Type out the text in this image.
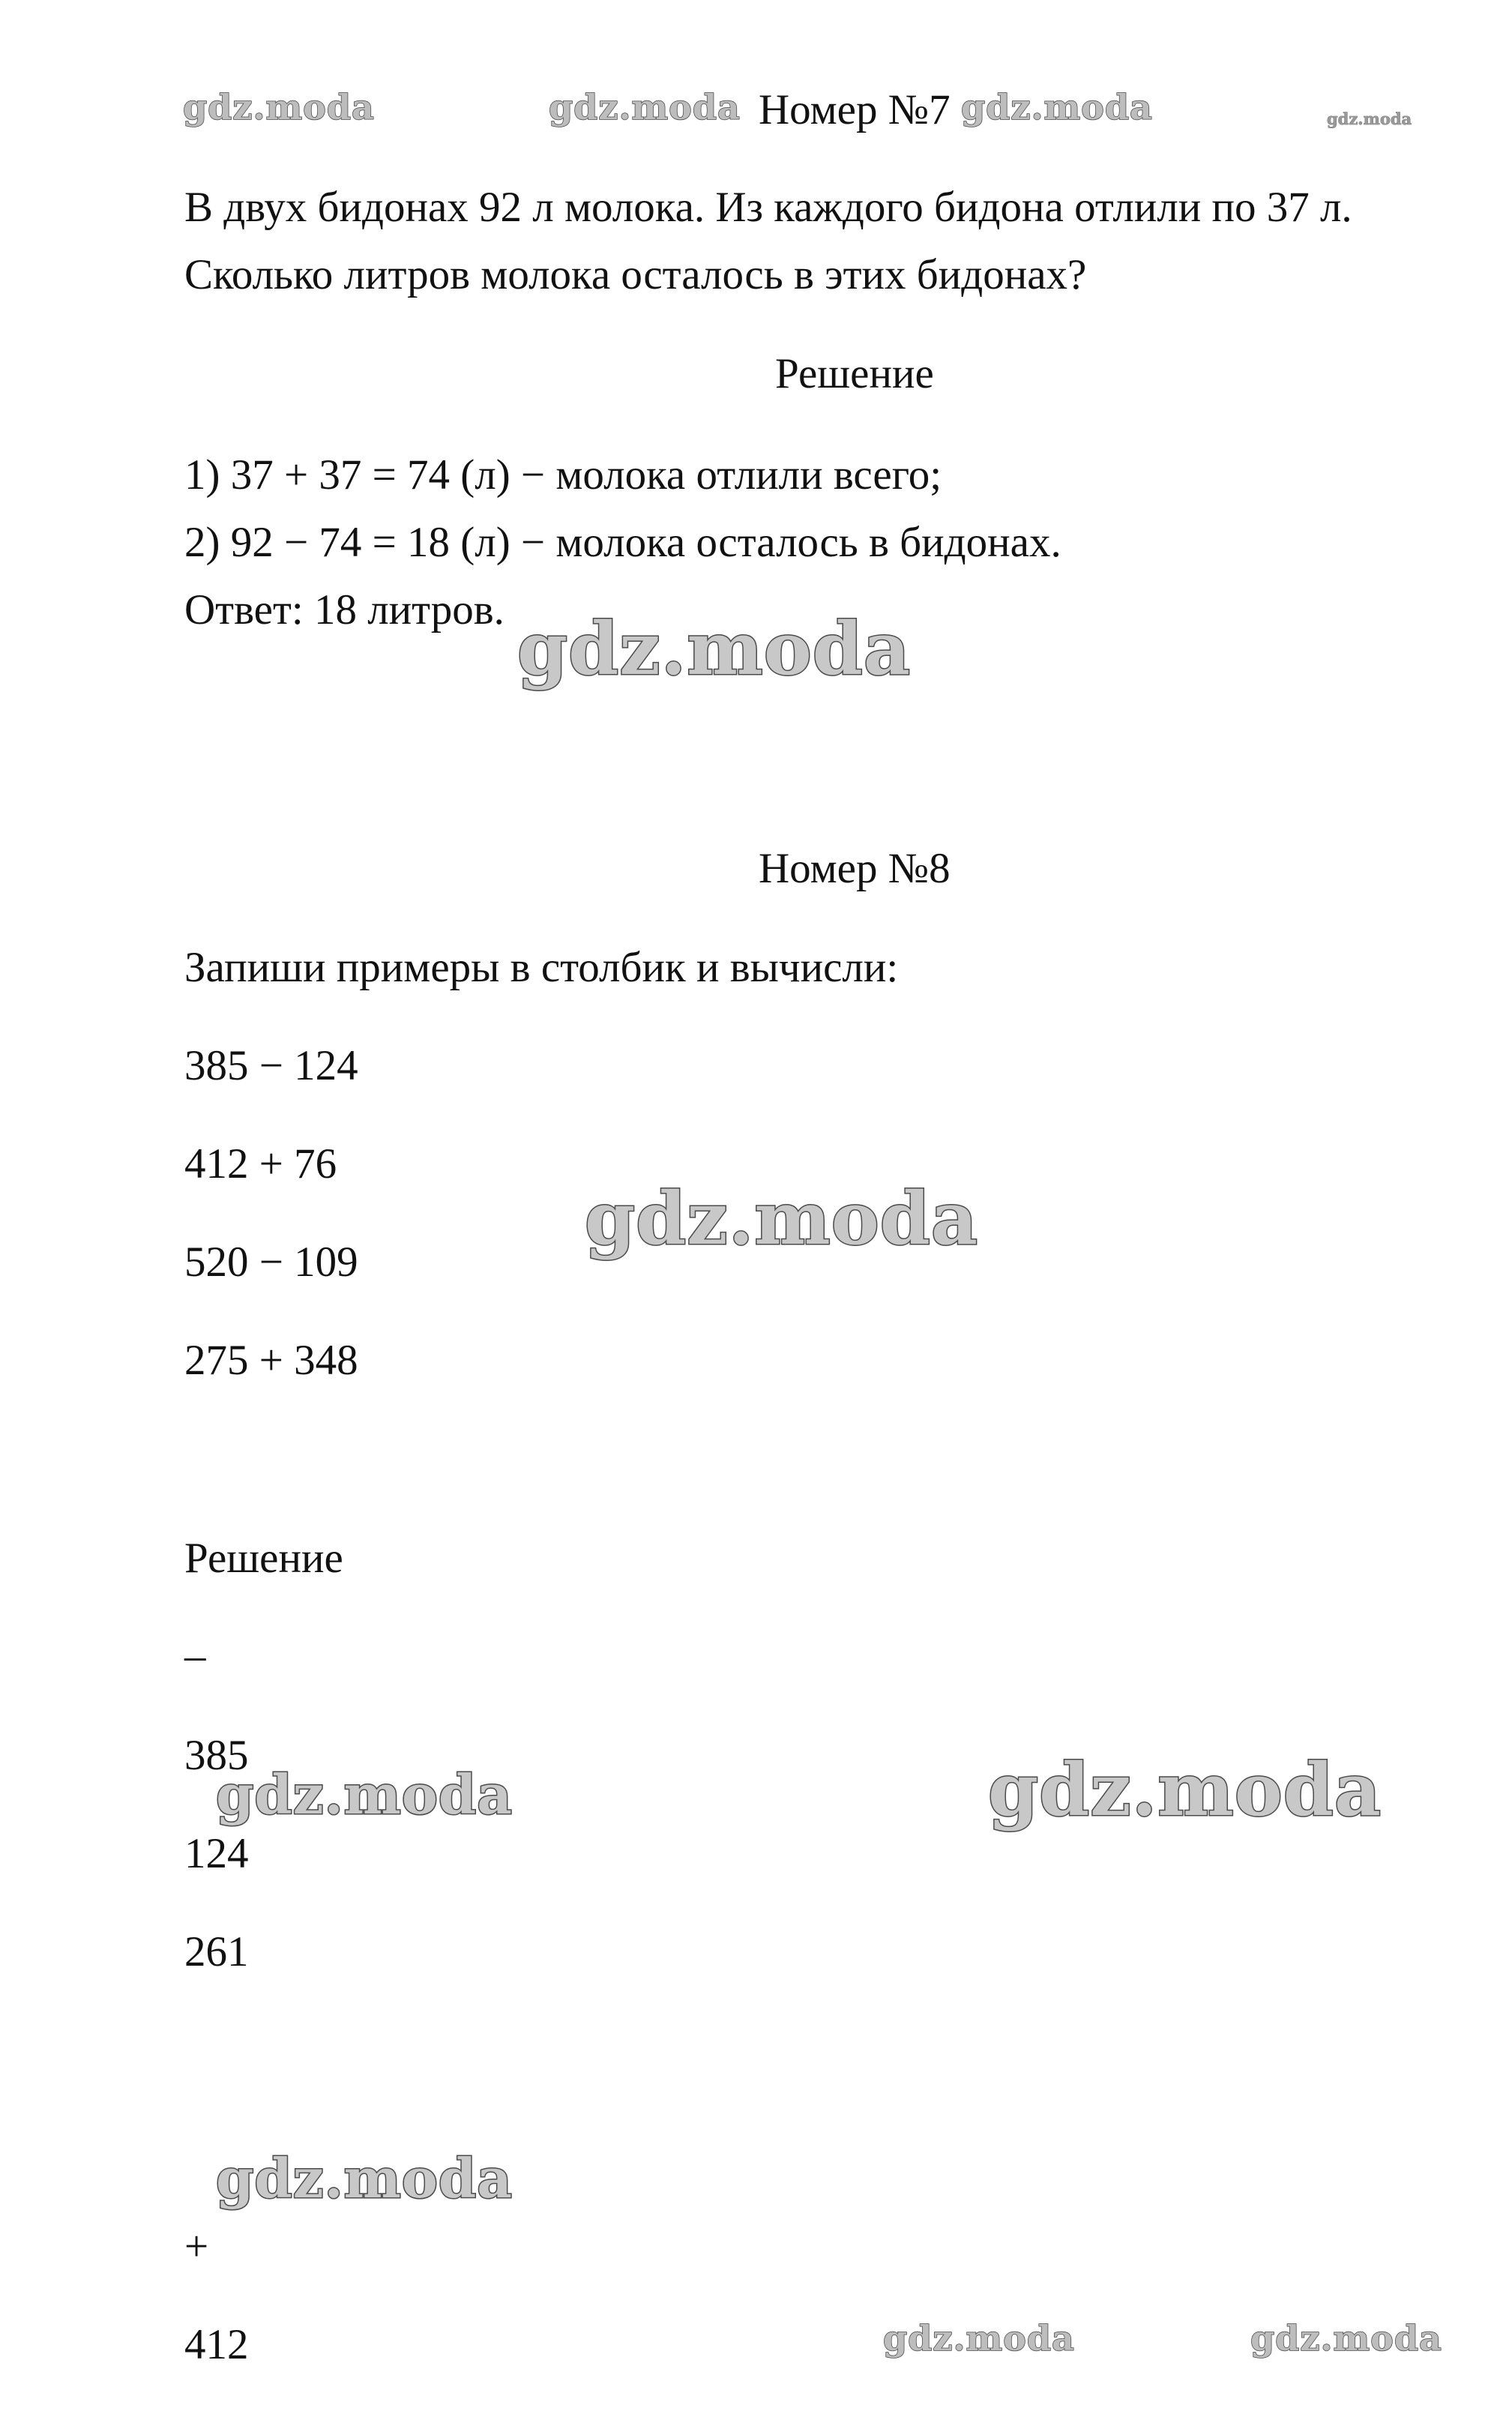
Номер №7
В двух бидонах 92 л молока. Из каждого бидона отлили по 37 л.
Сколько литров молока осталось в этих бидонах?
Решение
1) 37 + 37 = 74 (л) − молока отлили всего;
2) 92 − 74 = 18 (л) − молока осталось в бидонах.
Ответ: 18 литров.
Номер №8
Запиши примеры в столбик и вычисли:
385 − 124
412 + 76
520 − 109
275 + 348
Решение
–
385
124
261
+
412
gdz.moda	gdz.moda	gdz.moda	gdz.moda
gdz.moda
gdz.moda
gdz.moda	gdz.moda
gdz.moda
gdz.moda	gdz.moda
